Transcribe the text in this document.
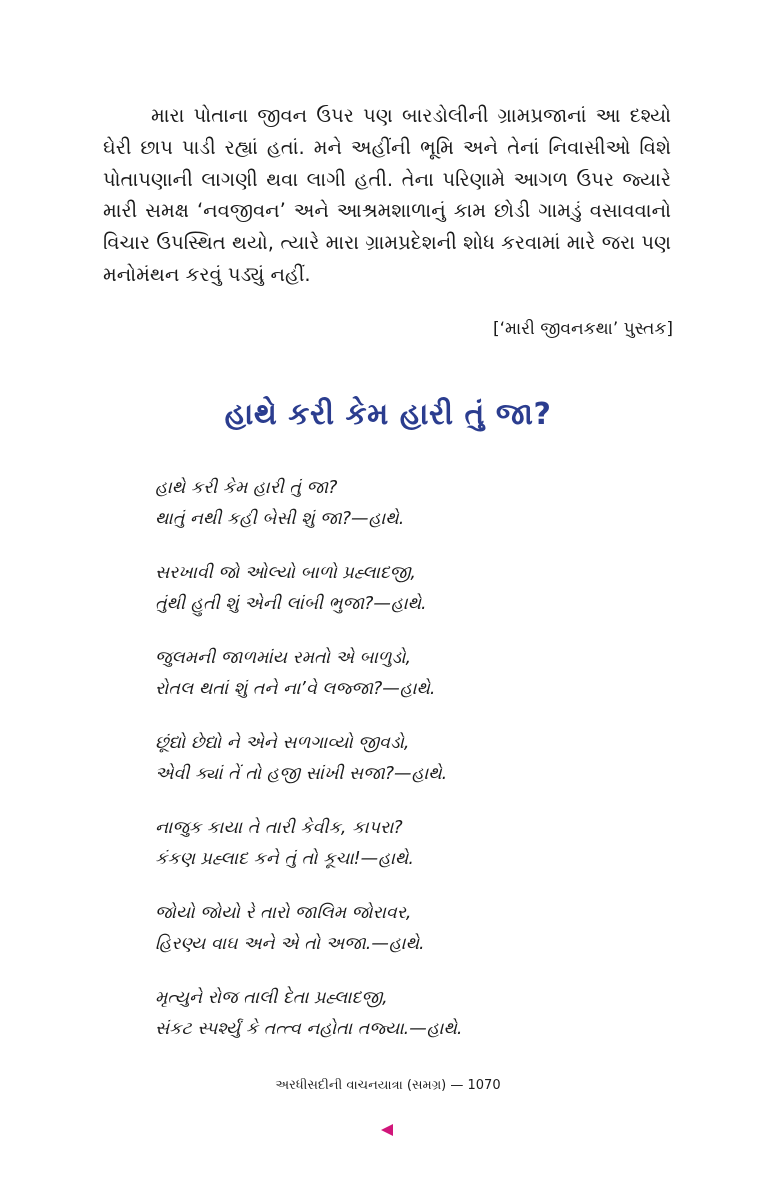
મારા પોતાના જીવન ઉપર પણ બારડોલીની ગ્રામપ્રજાનાં આ દશ્યો ઘેરી છાપ પાડી રહ્યાં હતાં. મને અહીંની ભૂમિ અને તેનાં નિવાસીઓ વિશે પોતાપણાની લાગણી થવા લાગી હતી. તેના પરિણામે આગળ ઉપર જ્યારે મારી સમક્ષ ‘નવજીવન’ અને આશ્રમશાળાનું કામ છોડી ગામડું વસાવવાનો વિચાર ઉપસ્થિત થયો, ત્યારે મારા ગ્રામપ્રદેશની શોધ કરવામાં મારે જરા પણ મનોમંથન કરવું પડ્યું નહીં.

[‘મારી જીવનકથા’ પુસ્તક]
હાથે કરી કેમ હારી તું જા?
હાથે કરી કેમ હારી તું જા?
થાતું નથી કહી બેસી શું જા?—હાથે.
સરખાવી જો ઓલ્યો બાળો પ્રહ્લાદજી,
તુંથી હુતી શું એની લાંબી ભુજા?—હાથે.
જુલમની જાળમાંય રમતો એ બાળુડો,
રોતલ થતાં શું તને ના’વે લજ્જા?—હાથે.
છૂંદ્યો છેદ્યો ને એને સળગાવ્યો જીવડો,
એવી ક્યાં તેં તો હજી સાંખી સજા?—હાથે.
નાજુક કાયા તે તારી કેવીક, કાપરા?
કંકણ પ્રહ્લાદ કને તું તો કૂચા!—હાથે.
જોયો જોયો રે તારો જાલિમ જોરાવર,
હિરણ્ય વાઘ અને એ તો અજા.—હાથે.
મૃત્યુને રોજ તાલી દેતા પ્રહ્લાદજી,
સંકટ સ્પર્શ્યું કે તત્ત્વ નહોતા તજ્યા.—હાથે.
અરધીસદીની વાચનયાત્રા (સમગ્ર) — 1070
